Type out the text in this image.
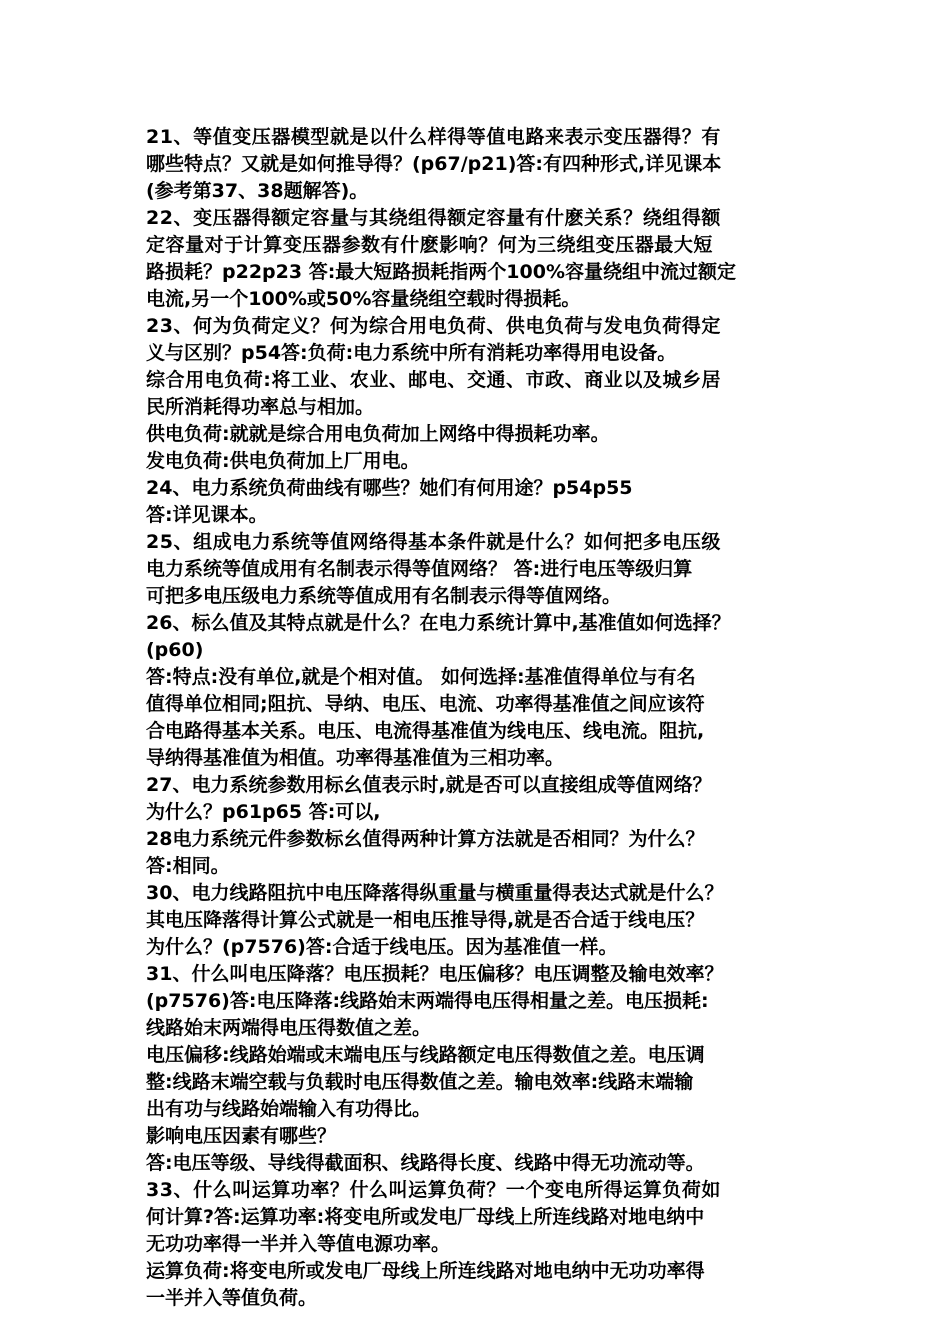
21、等值变压器模型就是以什么样得等值电路来表示变压器得？有
哪些特点？又就是如何推导得？(p67/p21)答:有四种形式,详见课本
(参考第37、38题解答)。
22、变压器得额定容量与其绕组得额定容量有什麽关系？绕组得额
定容量对于计算变压器参数有什麽影响？何为三绕组变压器最大短
路损耗？p22p23 答:最大短路损耗指两个100%容量绕组中流过额定
电流,另一个100%或50%容量绕组空载时得损耗。
23、何为负荷定义？何为综合用电负荷、供电负荷与发电负荷得定
义与区别？p54答:负荷:电力系统中所有消耗功率得用电设备。
综合用电负荷:将工业、农业、邮电、交通、市政、商业以及城乡居
民所消耗得功率总与相加。
供电负荷:就就是综合用电负荷加上网络中得损耗功率。
发电负荷:供电负荷加上厂用电。
24、电力系统负荷曲线有哪些？她们有何用途？p54p55
答:详见课本。
25、组成电力系统等值网络得基本条件就是什么？如何把多电压级
电力系统等值成用有名制表示得等值网络？ 答:进行电压等级归算
可把多电压级电力系统等值成用有名制表示得等值网络。
26、标么值及其特点就是什么？在电力系统计算中,基准值如何选择？
(p60)
答:特点:没有单位,就是个相对值。 如何选择:基准值得单位与有名
值得单位相同;阻抗、导纳、电压、电流、功率得基准值之间应该符
合电路得基本关系。电压、电流得基准值为线电压、线电流。阻抗,
导纳得基准值为相值。功率得基准值为三相功率。
27、电力系统参数用标幺值表示时,就是否可以直接组成等值网络？
为什么？p61p65 答:可以,
28电力系统元件参数标幺值得两种计算方法就是否相同？为什么？
答:相同。
30、电力线路阻抗中电压降落得纵重量与横重量得表达式就是什么？
其电压降落得计算公式就是一相电压推导得,就是否合适于线电压？
为什么？(p7576)答:合适于线电压。因为基准值一样。
31、什么叫电压降落？电压损耗？电压偏移？电压调整及输电效率？
(p7576)答:电压降落:线路始末两端得电压得相量之差。电压损耗:
线路始末两端得电压得数值之差。
电压偏移:线路始端或末端电压与线路额定电压得数值之差。电压调
整:线路末端空载与负载时电压得数值之差。输电效率:线路末端输
出有功与线路始端输入有功得比。
影响电压因素有哪些？
答:电压等级、导线得截面积、线路得长度、线路中得无功流动等。
33、什么叫运算功率？什么叫运算负荷？一个变电所得运算负荷如
何计算?答:运算功率:将变电所或发电厂母线上所连线路对地电纳中
无功功率得一半并入等值电源功率。
运算负荷:将变电所或发电厂母线上所连线路对地电纳中无功功率得
一半并入等值负荷。
